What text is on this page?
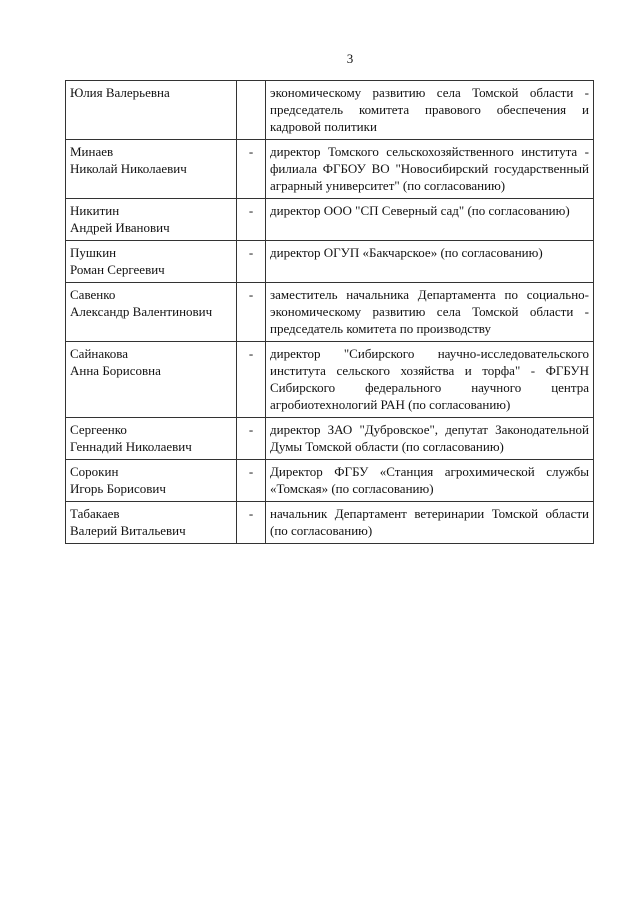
3
Юлия Валерьевна		экономическому развитию села Томской области - председатель комитета правового обеспечения и кадровой политики

Минаев
Николай Николаевич	-	директор Томского сельскохозяйственного института - филиала ФГБОУ ВО "Новосибирский государственный аграрный университет" (по согласованию)

Никитин
Андрей Иванович	-	директор ООО "СП Северный сад" (по согласованию)

Пушкин
Роман Сергеевич	-	директор ОГУП «Бакчарское» (по согласованию)

Савенко
Александр Валентинович	-	заместитель начальника Департамента по социально-экономическому развитию села Томской области - председатель комитета по производству

Сайнакова
Анна Борисовна	-	директор "Сибирского научно-исследовательского института сельского хозяйства и торфа" - ФГБУН Сибирского федерального научного центра агробиотехнологий РАН (по согласованию)

Сергеенко
Геннадий Николаевич	-	директор ЗАО "Дубровское", депутат Законодательной Думы Томской области (по согласованию)

Сорокин
Игорь Борисович	-	Директор ФГБУ «Станция агрохимической службы «Томская» (по согласованию)

Табакаев
Валерий Витальевич	-	начальник Департамент ветеринарии Томской области (по согласованию)
